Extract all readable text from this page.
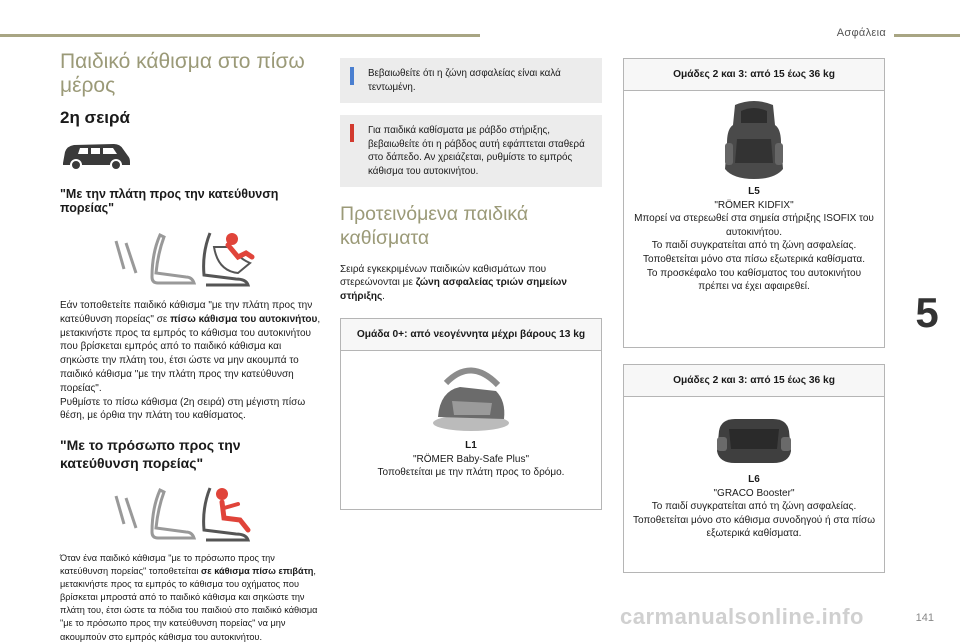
Ασφάλεια
5
carmanualsonline.info	141
Παιδικό κάθισμα στο πίσω μέρος
2η σειρά

"Με την πλάτη προς την κατεύθυνση πορείας"

Εάν τοποθετείτε παιδικό κάθισμα "με την πλάτη προς την κατεύθυνση πορείας" σε πίσω κάθισμα του αυτοκινήτου, μετακινήστε προς τα εμπρός το κάθισμα του αυτοκινήτου που βρίσκεται εμπρός από το παιδικό κάθισμα και σηκώστε την πλάτη του, έτσι ώστε να μην ακουμπά το παιδικό κάθισμα "με την πλάτη προς την κατεύθυνση πορείας".

Ρυθμίστε το πίσω κάθισμα (2η σειρά) στη μέγιστη πίσω θέση, με όρθια την πλάτη του καθίσματος.

"Με το πρόσωπο προς την κατεύθυνση πορείας"

Όταν ένα παιδικό κάθισμα "με το πρόσωπο προς την κατεύθυνση πορείας" τοποθετείται σε κάθισμα πίσω επιβάτη, μετακινήστε προς τα εμπρός το κάθισμα του οχήματος που βρίσκεται μπροστά από το παιδικό κάθισμα και σηκώστε την πλάτη του, έτσι ώστε τα πόδια του παιδιού στο παιδικό κάθισμα "με το πρόσωπο προς την κατεύθυνση πορείας" να μην ακουμπούν στο εμπρός κάθισμα του αυτοκινήτου.

Βεβαιωθείτε ότι η ζώνη ασφαλείας είναι καλά τεντωμένη.
Για παιδικά καθίσματα με ράβδο στήριξης, βεβαιωθείτε ότι η ράβδος αυτή εφάπτεται σταθερά στο δάπεδο. Αν χρειάζεται, ρυθμίστε το εμπρός κάθισμα του αυτοκινήτου.
Προτεινόμενα παιδικά καθίσματα

Σειρά εγκεκριμένων παιδικών καθισμάτων που στερεώνονται με ζώνη ασφαλείας τριών σημείων στήριξης.

Ομάδα 0+: από νεογέννητα μέχρι βάρους 13 kg
L1
"RÖMER Baby-Safe Plus"
Τοποθετείται με την πλάτη προς το δρόμο.
Ομάδες 2 και 3: από 15 έως 36 kg
L5
"RÖMER KIDFIX"
Μπορεί να στερεωθεί στα σημεία στήριξης ISOFIX του αυτοκινήτου.
Το παιδί συγκρατείται από τη ζώνη ασφαλείας.
Τοποθετείται μόνο στα πίσω εξωτερικά καθίσματα.
Το προσκέφαλο του καθίσματος του αυτοκινήτου πρέπει να έχει αφαιρεθεί.
Ομάδες 2 και 3: από 15 έως 36 kg
L6
"GRACO Booster"
Το παιδί συγκρατείται από τη ζώνη ασφαλείας.
Τοποθετείται μόνο στο κάθισμα συνοδηγού ή στα πίσω εξωτερικά καθίσματα.
